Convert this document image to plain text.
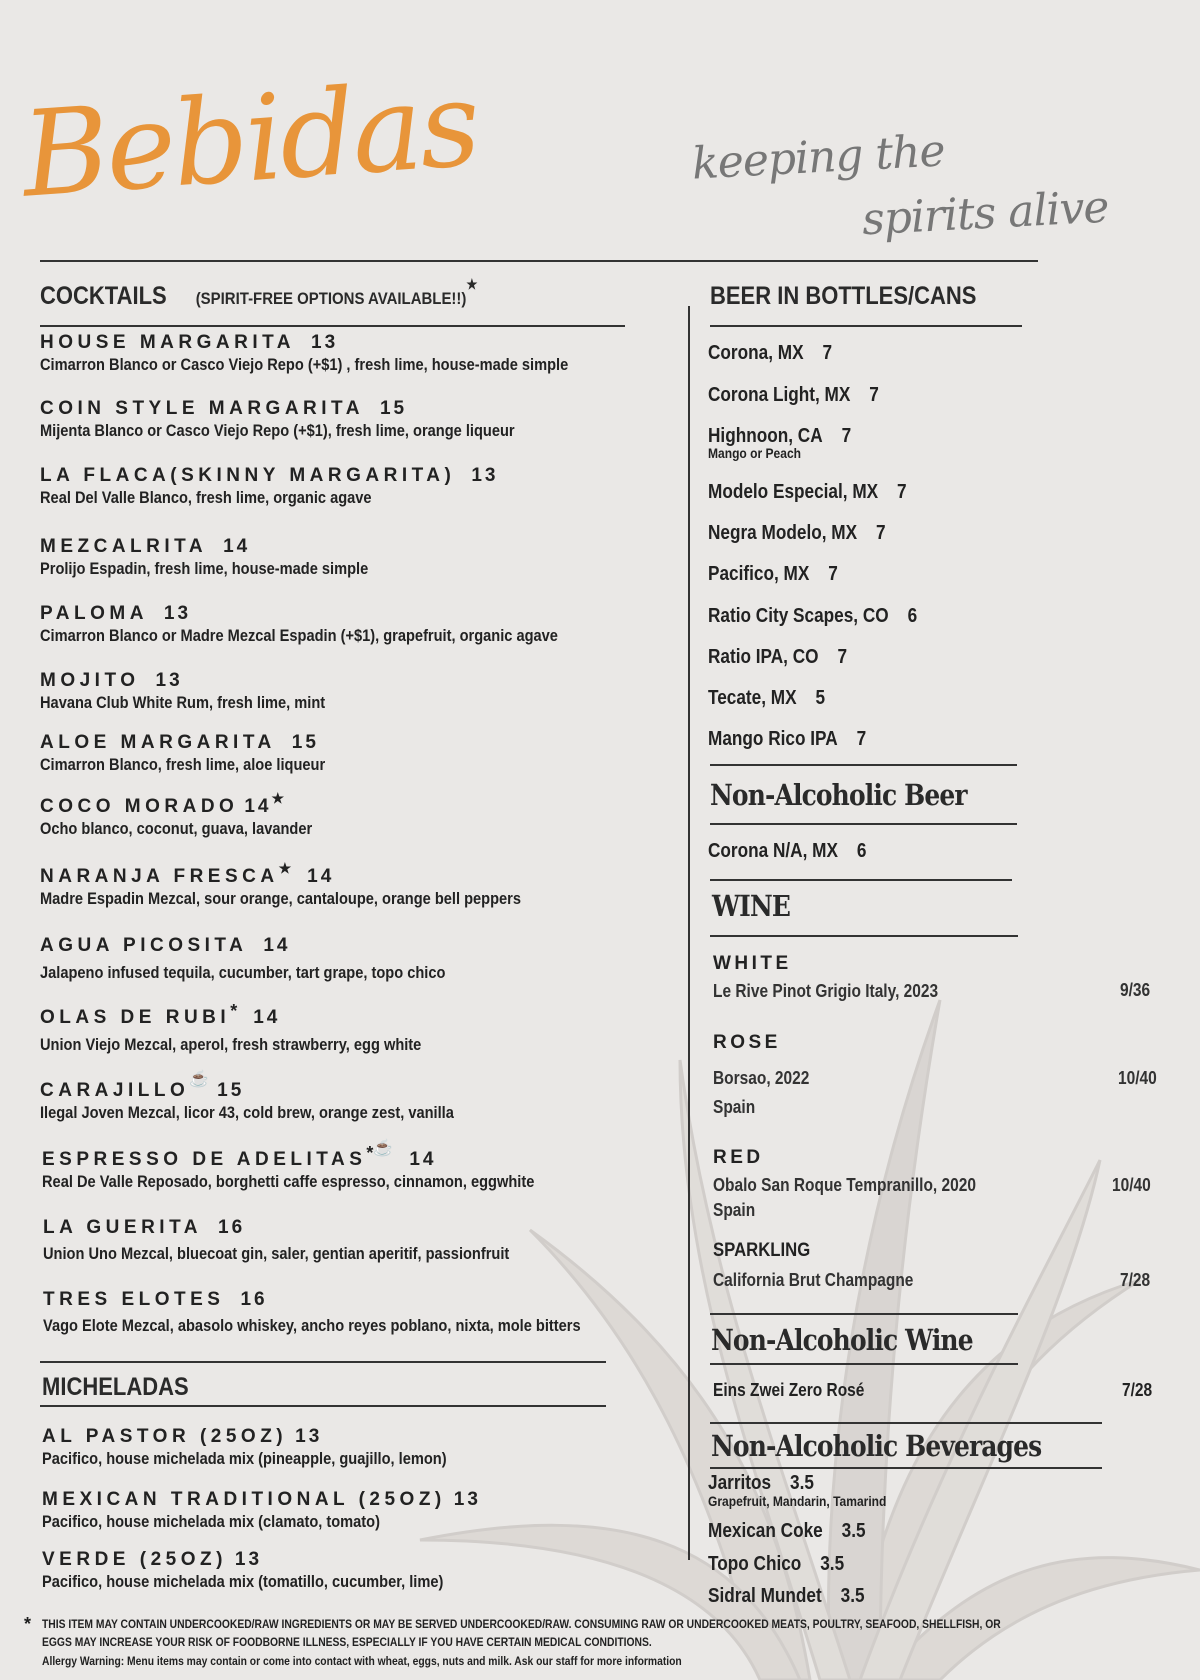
Bebidas	keeping the
spirits alive
COCKTAILS (SPIRIT-FREE OPTIONS AVAILABLE!!)★
HOUSE MARGARITA 13
Cimarron Blanco or Casco Viejo Repo (+$1) , fresh lime, house-made simple
COIN STYLE MARGARITA 15
Mijenta Blanco or Casco Viejo Repo (+$1), fresh lime, orange liqueur
LA FLACA(SKINNY MARGARITA) 13
Real Del Valle Blanco, fresh lime, organic agave
MEZCALRITA 14
Prolijo Espadin, fresh lime, house-made simple
PALOMA 13
Cimarron Blanco or Madre Mezcal Espadin (+$1), grapefruit, organic agave
MOJITO 13
Havana Club White Rum, fresh lime, mint
ALOE MARGARITA 15
Cimarron Blanco, fresh lime, aloe liqueur
COCO MORADO 14★
Ocho blanco, coconut, guava, lavander
NARANJA FRESCA★ 14
Madre Espadin Mezcal, sour orange, cantaloupe, orange bell peppers
AGUA PICOSITA 14
Jalapeno infused tequila, cucumber, tart grape, topo chico
OLAS DE RUBI* 14
Union Viejo Mezcal, aperol, fresh strawberry, egg white
CARAJILLO☕15
Ilegal Joven Mezcal, licor 43, cold brew, orange zest, vanilla
ESPRESSO DE ADELITAS*☕14
Real De Valle Reposado, borghetti caffe espresso, cinnamon, eggwhite
LA GUERITA 16
Union Uno Mezcal, bluecoat gin, saler, gentian aperitif, passionfruit
TRES ELOTES 16
Vago Elote Mezcal, abasolo whiskey, ancho reyes poblano, nixta, mole bitters
MICHELADAS
AL PASTOR (25OZ) 13
Pacifico, house michelada mix (pineapple, guajillo, lemon)
MEXICAN TRADITIONAL (25OZ) 13
Pacifico, house michelada mix (clamato, tomato)
VERDE (25OZ) 13
Pacifico, house michelada mix (tomatillo, cucumber, lime)
BEER IN BOTTLES/CANS
Corona, MX 7
Corona Light, MX 7
Highnoon, CA 7
Mango or Peach
Modelo Especial, MX 7
Negra Modelo, MX 7
Pacifico, MX 7
Ratio City Scapes, CO 6
Ratio IPA, CO 7
Tecate, MX 5
Mango Rico IPA 7
Non-Alcoholic Beer
Corona N/A, MX 6
WINE
WHITE
Le Rive Pinot Grigio Italy, 2023	9/36
ROSE
Borsao, 2022
Spain
10/40
RED
Obalo San Roque Tempranillo, 2020
Spain
10/40
SPARKLING
California Brut Champagne	7/28
Non-Alcoholic Wine
Eins Zwei Zero Rosé	7/28
Non-Alcoholic Beverages
Jarritos 3.5
Grapefruit, Mandarin, Tamarind
Mexican Coke 3.5
Topo Chico 3.5
Sidral Mundet 3.5
* THIS ITEM MAY CONTAIN UNDERCOOKED/RAW INGREDIENTS OR MAY BE SERVED UNDERCOOKED/RAW. CONSUMING RAW OR UNDERCOOKED MEATS, POULTRY, SEAFOOD, SHELLFISH, OR
EGGS MAY INCREASE YOUR RISK OF FOODBORNE ILLNESS, ESPECIALLY IF YOU HAVE CERTAIN MEDICAL CONDITIONS.
Allergy Warning: Menu items may contain or come into contact with wheat, eggs, nuts and milk. Ask our staff for more information
